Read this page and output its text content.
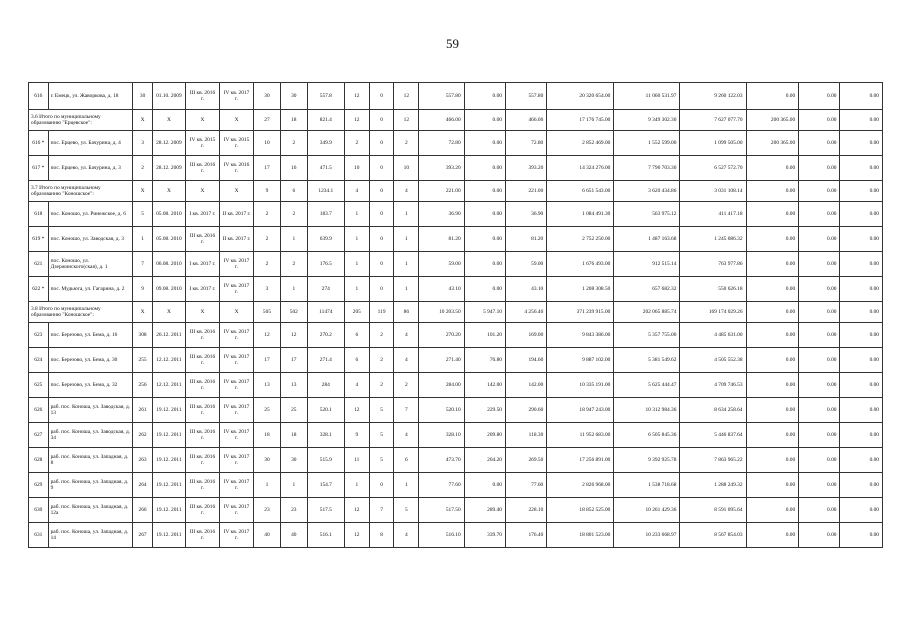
59
616	г. Емецк, ул. Жаворкова, д. 18	30	01.10. 2009	III кв. 2016 г.	IV кв. 2017 г.	30	30	557.8	12	0	12	557.80	0.00	557.80	20 320 654.00	11 060 531.97	9 260 122.03	0.00	0.00	0.00
3.6 Итого по муниципальному образованию "Ерцевское":		X	X	X	X	27	18	821.4	12	0	12	466.00	0.00	466.00	17 176 745.00	9 349 302.30	7 627 077.70	200 365.00	0.00	0.00
616 *	пос. Ерцево, ул. Бачурина, д. 4	3	28.12. 2009	IV кв. 2015 г.	IV кв. 2015 г.	10	2	349.9	2	0	2	72.80	0.00	72.80	2 852 469.00	1 552 599.00	1 099 505.00	200 365.00	0.00	0.00
617 *	пос. Ерцево, ул. Бачурина, д. 3	2	28.12. 2009	III кв. 2016 г.	IV кв. 2016 г.	17	16	471.5	10	0	10	393.20	0.00	393.20	14 324 276.00	7 796 703.30	6 527 572.70	0.00	0.00	0.00
3.7 Итого по муниципальному образованию "Коношское":		X	X	X	X	9	6	1234.1	4	0	4	221.00	0.00	221.00	6 651 543.00	3 620 434.86	3 031 108.14	0.00	0.00	0.00
618	пос. Коношо, ул. Ринежское, д. 6	5	05.08. 2010	I кв. 2017 г.	II кв. 2017 г.	2	2	183.7	1	0	1	36.90	0.00	36.90	1 084 491.30	563 975.12	411 417.18	0.00	0.00	0.00
619 *	пос. Коношо, ул. Заводская, д. 3	1	05.08. 2010	III кв. 2016 г.	II кв. 2017 г.	2	1	639.9	1	0	1	81.20	0.00	81.20	2 752 250.00	1 487 163.68	1 245 086.32	0.00	0.00	0.00
621	пос. Коношо, ул. Дзержинского(ская), д. 1	7	06.08. 2010	I кв. 2017 г.	IV кв. 2017 г.	2	2	176.5	1	0	1	59.00	0.00	59.00	1 676 493.00	912 515.14	763 977.86	0.00	0.00	0.00
622 *	пос. Мудьюга, ул. Гагарина, д. 2	9	09.08. 2010	I кв. 2017 г.	IV кв. 2017 г.	3	1	274	1	0	1	43.10	0.00	43.10	1 208 308.50	657 682.32	550 626.18	0.00	0.00	0.00
3.8 Итого по муниципальному образованию "Коношское":		X	X	X	X	505	502	11474	205	119	86	10 203.50	5 947.10	4 256.40	371 239 915.00	202 065 885.74	169 174 029.26	0.00	0.00	0.00
623	пос. Березово, ул. Бема, д. 16	308	26.12. 2011	III кв. 2016 г.	IV кв. 2017 г.	12	12	270.2	6	2	4	270.20	101.20	169.00	9 843 386.00	5 357 755.00	4 485 631.00	0.00	0.00	0.00
624	пос. Березово, ул. Бема, д. 30	255	12.12. 2011	III кв. 2016 г.	IV кв. 2017 г.	17	17	271.4	6	2	4	271.40	76.80	194.60	9 887 102.00	5 381 549.62	4 505 552.38	0.00	0.00	0.00
625	пос. Березово, ул. Бема, д. 32	256	12.12. 2011	III кв. 2016 г.	IV кв. 2017 г.	13	13	284	4	2	2	284.00	142.00	142.00	10 335 191.00	5 625 444.47	4 709 746.53	0.00	0.00	0.00
626	раб. пос. Коноша, ул. Заводская, д. 13	261	19.12. 2011	III кв. 2016 г.	IV кв. 2017 г.	25	25	520.1	12	5	7	520.10	229.50	290.60	18 947 243.00	10 312 984.36	8 634 258.64	0.00	0.00	0.00
627	раб. пос. Коноша, ул. Заводская, д. 34	262	19.12. 2011	III кв. 2016 г.	IV кв. 2017 г.	18	18	328.1	9	5	4	328.10	209.80	118.30	11 952 683.00	6 505 845.36	5 446 837.64	0.00	0.00	0.00
628	раб. пос. Коноша, ул. Западная, д. 8	263	19.12. 2011	III кв. 2016 г.	IV кв. 2017 г.	30	30	515.9	11	5	6	473.70	204.20	269.50	17 256 891.00	9 392 925.78	7 863 965.22	0.00	0.00	0.00
629	раб. пос. Коноша, ул. Западная, д. 9	264	19.12. 2011	III кв. 2016 г.	IV кв. 2017 г.	1	1	154.7	1	0	1	77.60	0.00	77.60	2 826 968.00	1 538 718.68	1 288 249.32	0.00	0.00	0.00
630	раб. пос. Коноша, ул. Западная, д. 12а	266	19.12. 2011	III кв. 2016 г.	IV кв. 2017 г.	23	23	517.5	12	7	5	517.50	289.40	228.10	18 852 525.00	10 261 429.36	8 591 095.64	0.00	0.00	0.00
631	раб. пос. Коноша, ул. Западная, д. 14	267	19.12. 2011	III кв. 2016 г.	IV кв. 2017 г.	40	40	516.1	12	8	4	516.10	339.70	176.40	18 801 523.00	10 233 668.97	8 567 854.03	0.00	0.00	0.00
